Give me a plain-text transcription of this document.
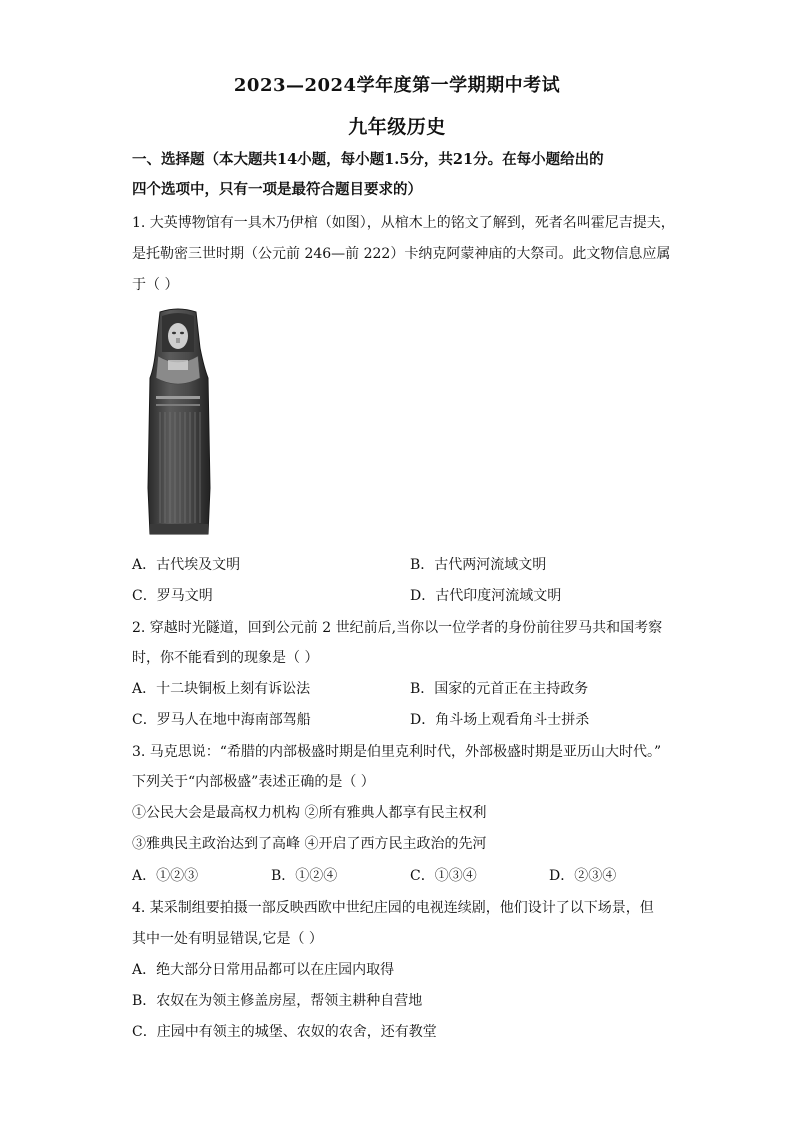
2023—2024学年度第一学期期中考试
九年级历史
一、选择题（本大题共14小题，每小题1.5分，共21分。在每小题给出的
四个选项中，只有一项是最符合题目要求的）
1. 大英博物馆有一具木乃伊棺（如图），从棺木上的铭文了解到，死者名叫霍尼吉提夫，
是托勒密三世时期（公元前 246—前 222）卡纳克阿蒙神庙的大祭司。此文物信息应属
于（ ）
A．古代埃及文明	B．古代两河流域文明
C．罗马文明	D．古代印度河流域文明
2. 穿越时光隧道，回到公元前 2 世纪前后,当你以一位学者的身份前往罗马共和国考察
时，你不能看到的现象是（ ）
A．十二块铜板上刻有诉讼法	B．国家的元首正在主持政务
C．罗马人在地中海南部驾船	D．角斗场上观看角斗士拼杀
3. 马克思说：“希腊的内部极盛时期是伯里克利时代，外部极盛时期是亚历山大时代。”
下列关于“内部极盛”表述正确的是（ ）
①公民大会是最高权力机构 ②所有雅典人都享有民主权利
③雅典民主政治达到了高峰 ④开启了西方民主政治的先河
A．①②③	B．①②④	C．①③④	D．②③④
4. 某采制组要拍摄一部反映西欧中世纪庄园的电视连续剧，他们设计了以下场景，但
其中一处有明显错误,它是（ ）
A．绝大部分日常用品都可以在庄园内取得
B．农奴在为领主修盖房屋，帮领主耕种自营地
C．庄园中有领主的城堡、农奴的农舍，还有教堂
